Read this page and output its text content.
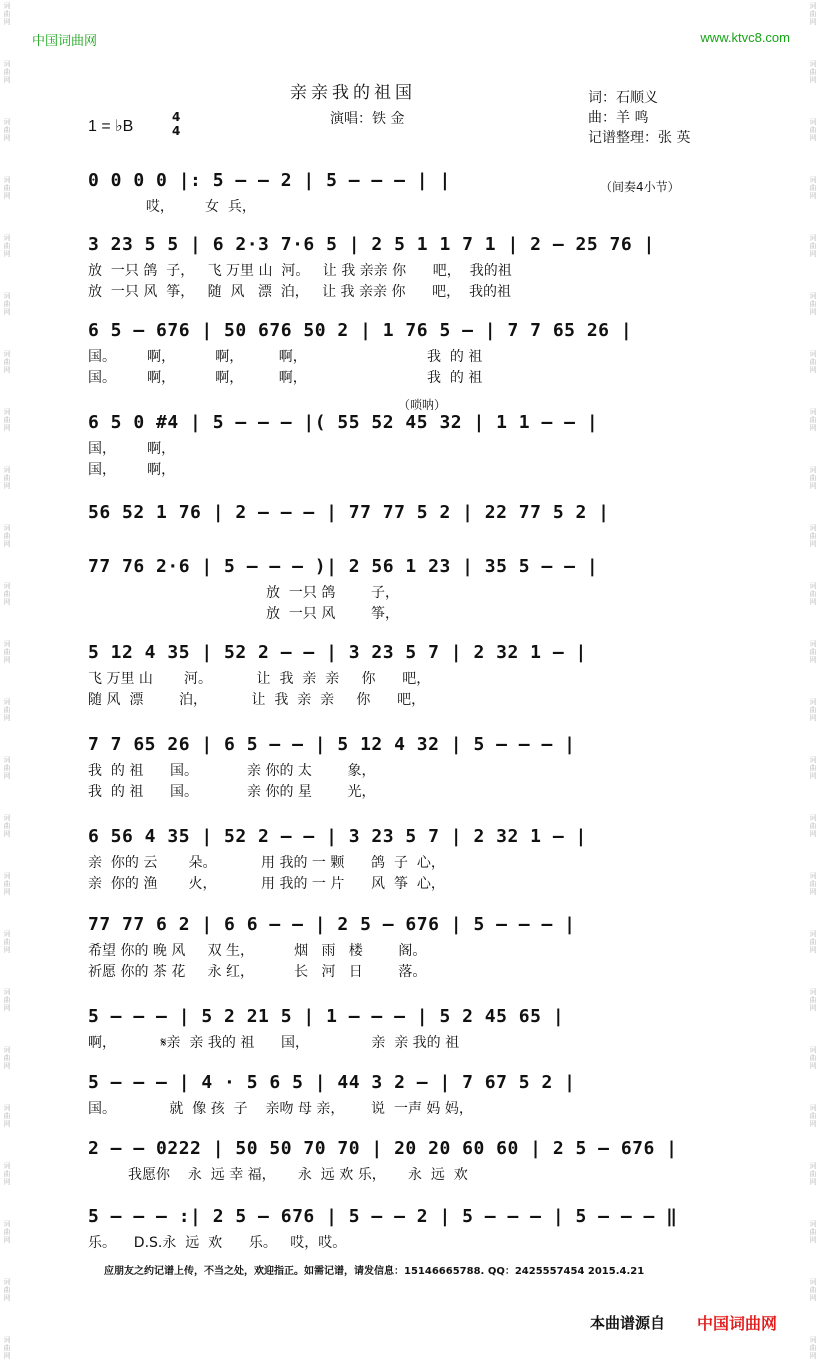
词
曲
网
词
曲
网
词
曲
网
词
曲
网
词
曲
网
词
曲
网
词
曲
网
词
曲
网
词
曲
网
词
曲
网
词
曲
网
词
曲
网
词
曲
网
词
曲
网
词
曲
网
词
曲
网
词
曲
网
词
曲
网
词
曲
网
词
曲
网
词
曲
网
词
曲
网
词
曲
网
词
曲
网
词
曲
网
词
曲
网
词
曲
网
词
曲
网
词
曲
网
词
曲
网
词
曲
网
词
曲
网
词
曲
网
词
曲
网
词
曲
网
词
曲
网
词
曲
网
词
曲
网
词
曲
网
词
曲
网
词
曲
网
词
曲
网
词
曲
网
词
曲
网
词
曲
网
词
曲
网
词
曲
网
词
曲
网
中国词曲网	www.ktvc8.com
亲亲我的祖国
1 = ♭B
4
4
演唱：铁 金
词：石顺义
曲：羊 鸣
记谱整理：张 英
（间奏4小节）
（唢呐）
0 0 0 0 |: 5 — — 2 | 5 — — — | |
哎，       女  兵，
3 23 5 5 | 6 2·3 7·6 5 | 2 5 1 1 7 1 | 2 — 25 76 |
放  一只 鸽  子，   飞 万里 山  河。   让 我 亲亲 你      吧，  我的祖
放  一只 风  筝，   随  风   漂  泊，   让 我 亲亲 你      吧，  我的祖
6 5 — 676 | 50 676 50 2 | 1 76 5 — | 7 7 65 26 |
国。       啊，         啊，        啊，                           我  的 祖
国。       啊，         啊，        啊，                           我  的 祖
6 5 0 #4 | 5 — — — |( 55 52 45 32 | 1 1 — — |
国，       啊，
国，       啊，
56 52 1 76 | 2 — — — | 77 77 5 2 | 22 77 5 2 |
77 76 2·6 | 5 — — — )| 2 56 1 23 | 35 5 — — |
放  一只 鸽        子，
放  一只 风        筝，
5 12 4 35 | 52 2 — — | 3 23 5 7 | 2 32 1 — |
飞 万里 山       河。          让  我  亲  亲     你      吧，
随 风  漂        泊，          让  我  亲  亲     你      吧，
7 7 65 26 | 6 5 — — | 5 12 4 32 | 5 — — — |
我  的 祖      国。           亲 你的 太        象，
我  的 祖      国。           亲 你的 星        光，
6 56 4 35 | 52 2 — — | 3 23 5 7 | 2 32 1 — |
亲  你的 云       朵。          用 我的 一 颗      鸽  子  心，
亲  你的 渔       火，          用 我的 一 片      风  筝  心，
77 77 6 2 | 6 6 — — | 2 5 — 676 | 5 — — — |
希望 你的 晚 风     双 生，         烟   雨   楼        阁。
祈愿 你的 茶 花     永 红，         长   河   日        落。
5 — — — | 5 2 21 5 | 1 — — — | 5 2 45 65 |
啊，          𝄋亲  亲 我的 祖      国，              亲  亲 我的 祖
5 — — — | 4 · 5 6 5 | 44 3 2 — | 7 67 5 2 |
国。            就  像 孩  子    亲吻 母 亲，      说  一声 妈 妈，
2 — — 0222 | 50 50 70 70 | 20 20 60 60 | 2 5 — 676 |
我愿你    永  远 幸 福，     永  远 欢 乐，     永  远  欢
5 — — — :| 2 5 — 676 | 5 — — 2 | 5 — — — | 5 — — — ‖
乐。    D.S.永  远  欢      乐。   哎，哎。
应朋友之约记谱上传，不当之处，欢迎指正。如需记谱，请发信息：15146665788. QQ：2425557454 2015.4.21
本曲谱源自 中国词曲网
